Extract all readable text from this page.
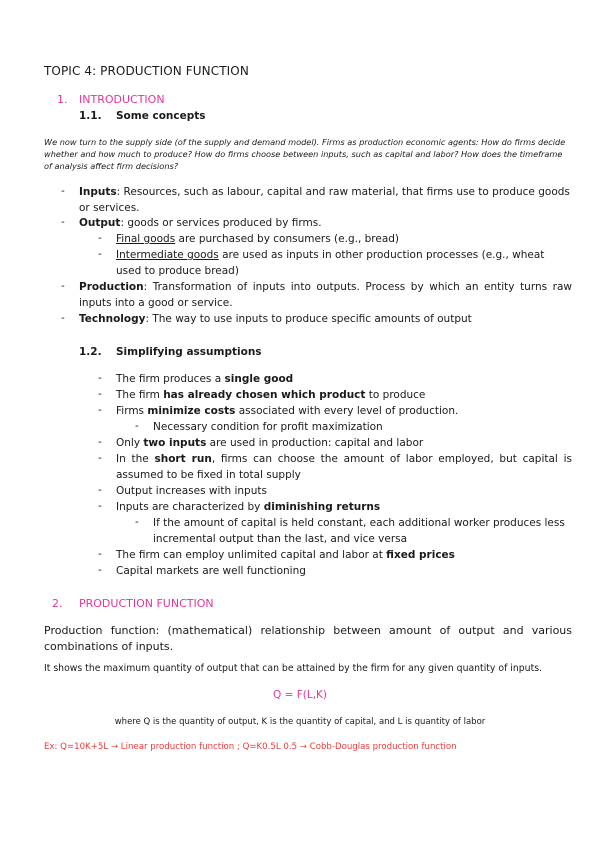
TOPIC 4: PRODUCTION FUNCTION
1. INTRODUCTION
1.1. Some concepts
We now turn to the supply side (of the supply and demand model). Firms as production economic agents: How do firms decide whether and how much to produce? How do firms choose between inputs, such as capital and labor? How does the timeframe of analysis affect firm decisions?
- Inputs: Resources, such as labour, capital and raw material, that firms use to produce goods or services.
- Output: goods or services produced by firms.
- Final goods are purchased by consumers (e.g., bread)
- Intermediate goods are used as inputs in other production processes (e.g., wheat used to produce bread)
- Production: Transformation of inputs into outputs. Process by which an entity turns raw inputs into a good or service.
- Technology: The way to use inputs to produce specific amounts of output
1.2. Simplifying assumptions
- The firm produces a single good
- The firm has already chosen which product to produce
- Firms minimize costs associated with every level of production.
- Necessary condition for profit maximization
- Only two inputs are used in production: capital and labor
- In the short run, firms can choose the amount of labor employed, but capital is assumed to be fixed in total supply
- Output increases with inputs
- Inputs are characterized by diminishing returns
- If the amount of capital is held constant, each additional worker produces less incremental output than the last, and vice versa
- The firm can employ unlimited capital and labor at fixed prices
- Capital markets are well functioning
2. PRODUCTION FUNCTION
Production function: (mathematical) relationship between amount of output and various combinations of inputs.
It shows the maximum quantity of output that can be attained by the firm for any given quantity of inputs.
Q = F(L,K)
where Q is the quantity of output, K is the quantity of capital, and L is quantity of labor
Ex: Q=10K+5L → Linear production function ; Q=K0.5L 0.5 → Cobb-Douglas production function
